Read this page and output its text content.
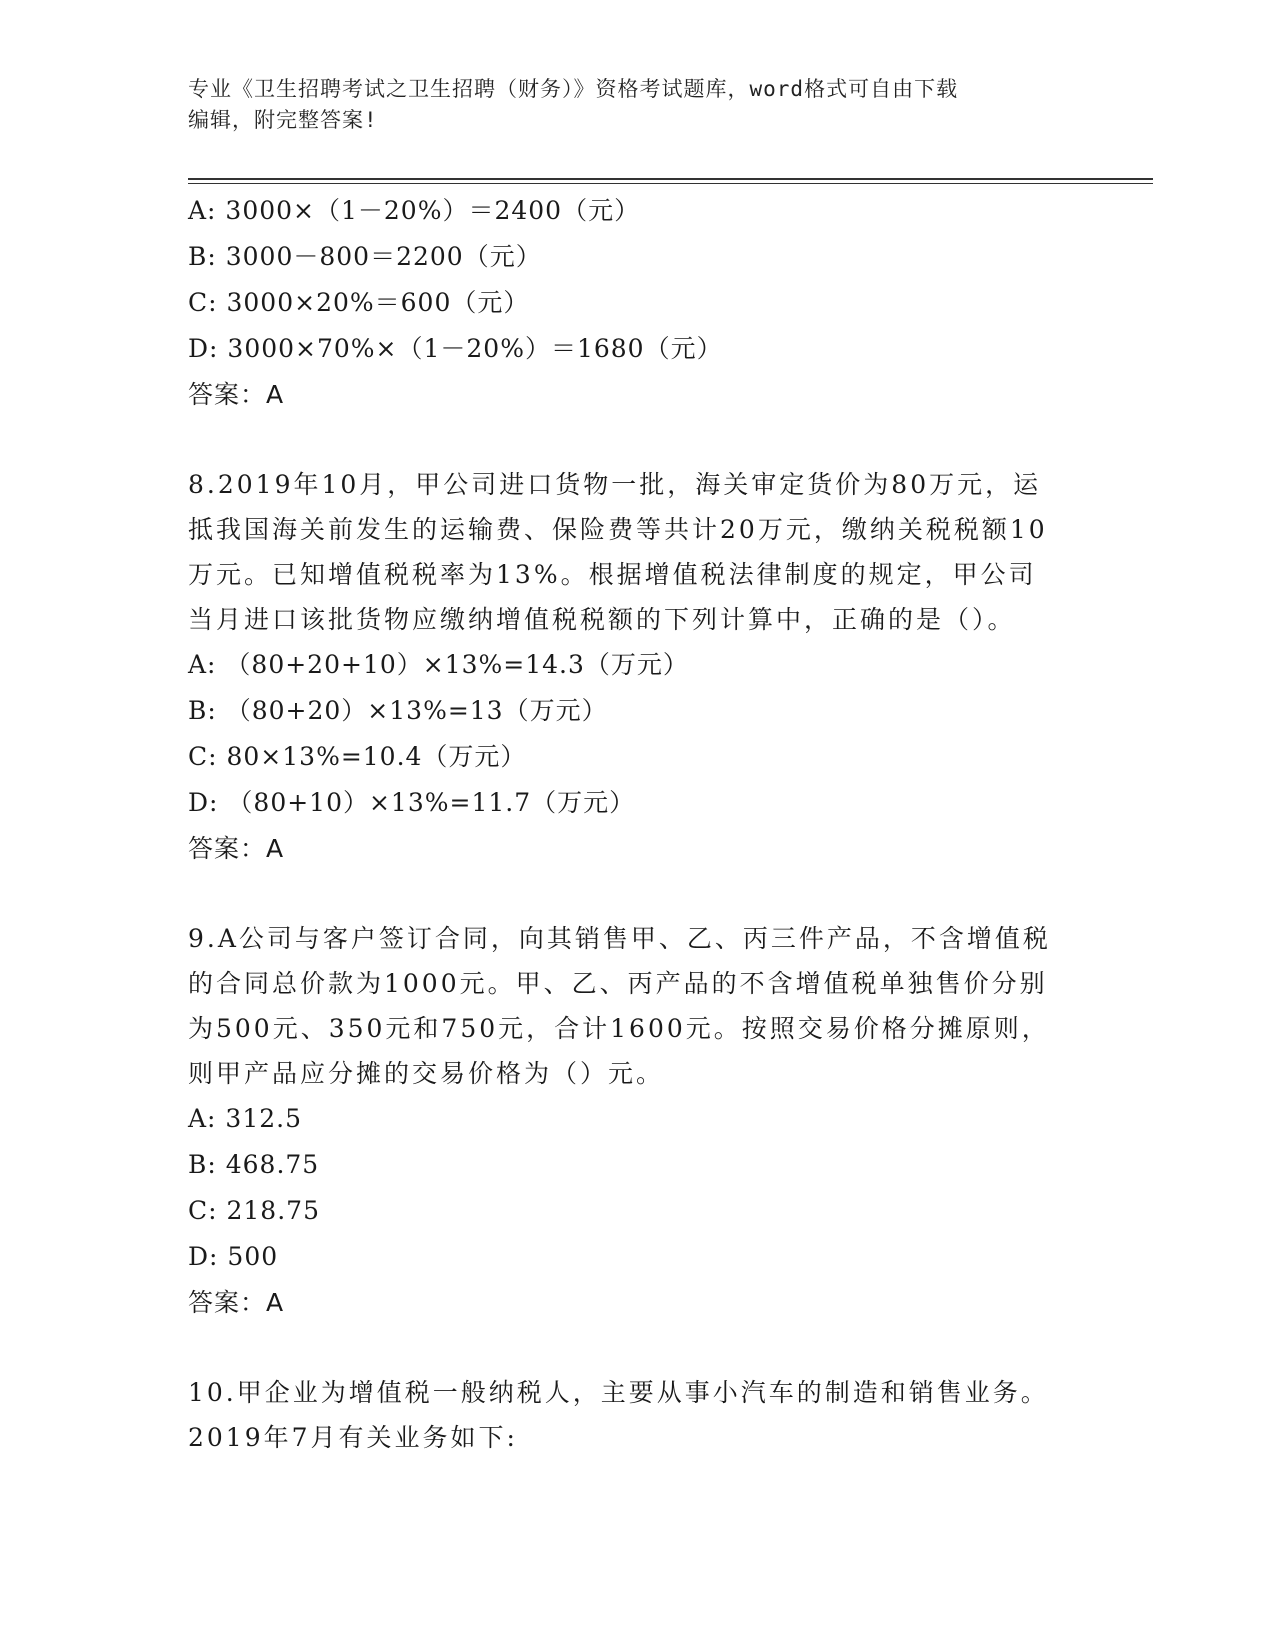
专业《卫生招聘考试之卫生招聘（财务）》资格考试题库，word格式可自由下载
编辑，附完整答案!
A: 3000×（1－20%）＝2400（元）
B: 3000－800＝2200（元）
C: 3000×20%＝600（元）
D: 3000×70%×（1－20%）＝1680（元）
答案：A
8.2019年10月，甲公司进口货物一批，海关审定货价为80万元，运
抵我国海关前发生的运输费、保险费等共计20万元，缴纳关税税额10
万元。已知增值税税率为13%。根据增值税法律制度的规定，甲公司
当月进口该批货物应缴纳增值税税额的下列计算中，正确的是（）。
A: （80+20+10）×13%=14.3（万元）
B: （80+20）×13%=13（万元）
C: 80×13%=10.4（万元）
D: （80+10）×13%=11.7（万元）
答案：A
9.A公司与客户签订合同，向其销售甲、乙、丙三件产品，不含增值税
的合同总价款为1000元。甲、乙、丙产品的不含增值税单独售价分别
为500元、350元和750元，合计1600元。按照交易价格分摊原则，
则甲产品应分摊的交易价格为（）元。
A: 312.5
B: 468.75
C: 218.75
D: 500
答案：A
10.甲企业为增值税一般纳税人，主要从事小汽车的制造和销售业务。
2019年7月有关业务如下:
